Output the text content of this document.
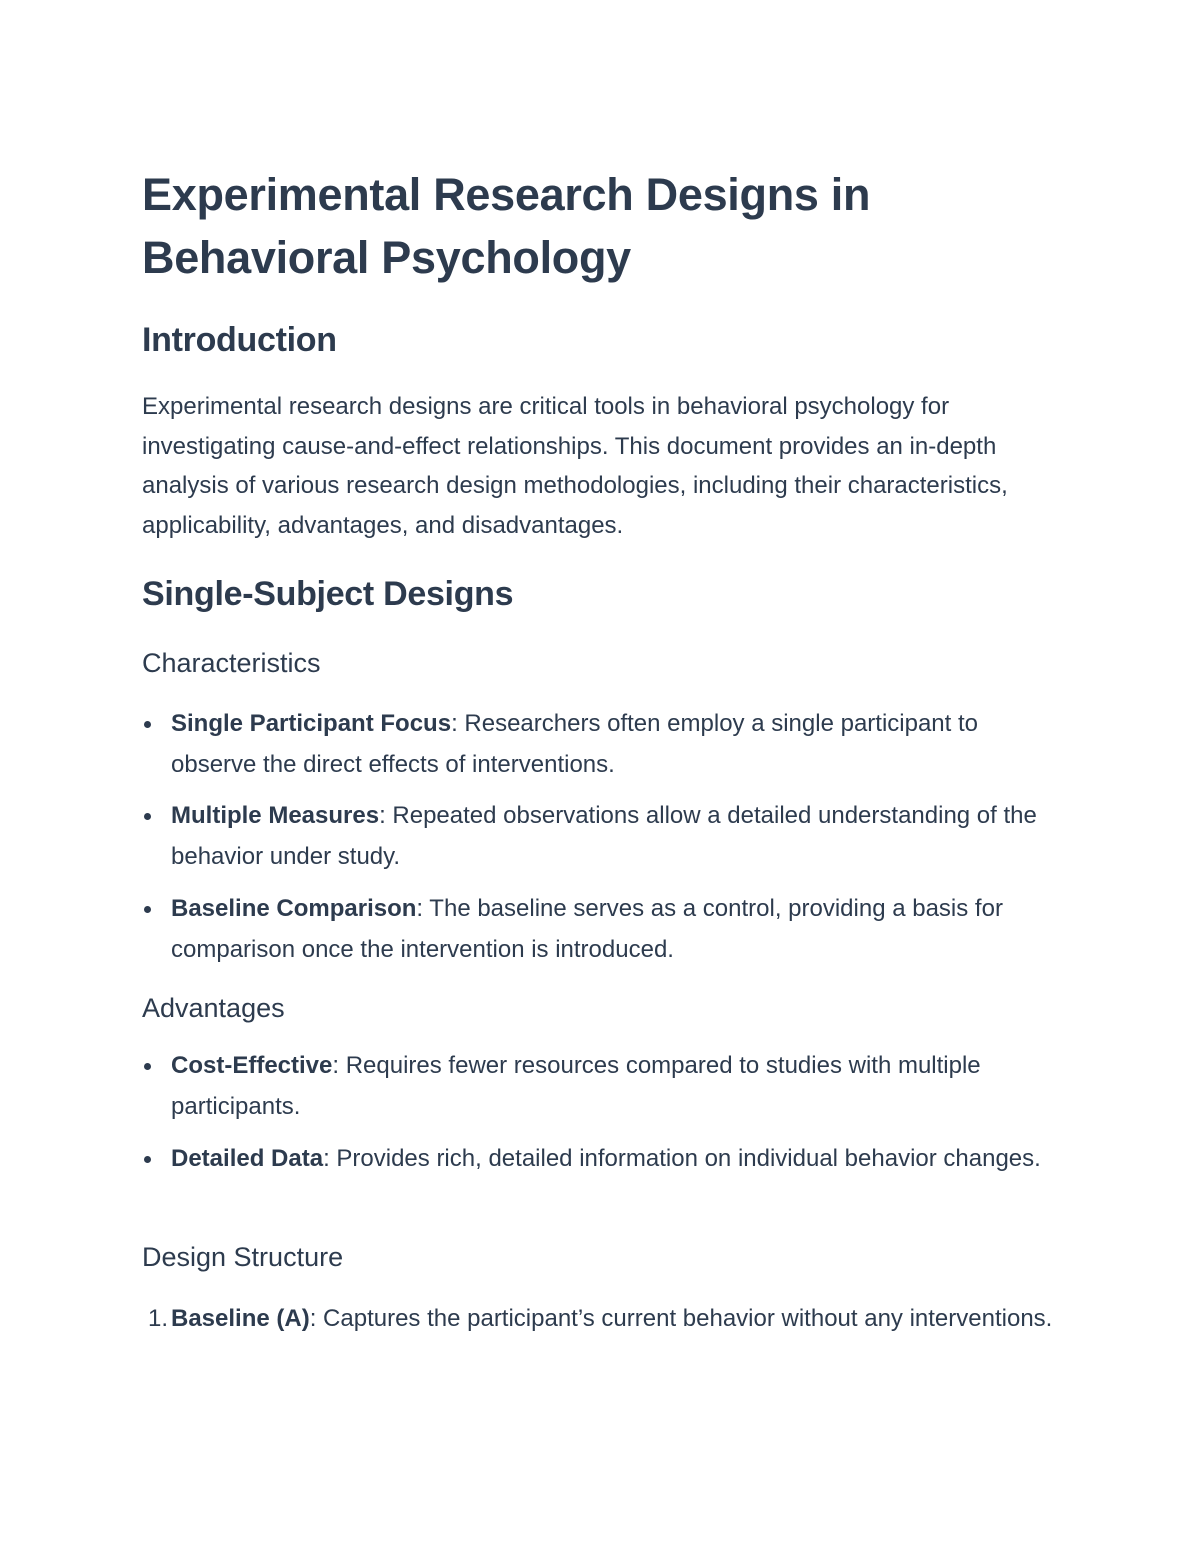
Experimental Research Designs in Behavioral Psychology
Introduction

Experimental research designs are critical tools in behavioral psychology for investigating cause-and-effect relationships. This document provides an in-depth analysis of various research design methodologies, including their characteristics, applicability, advantages, and disadvantages.

Single-Subject Designs
Characteristics
Single Participant Focus: Researchers often employ a single participant to observe the direct effects of interventions.
Multiple Measures: Repeated observations allow a detailed understanding of the behavior under study.
Baseline Comparison: The baseline serves as a control, providing a basis for comparison once the intervention is introduced.
Advantages
Cost-Effective: Requires fewer resources compared to studies with multiple participants.
Detailed Data: Provides rich, detailed information on individual behavior changes.
Design Structure
1. Baseline (A): Captures the participant’s current behavior without any interventions.
